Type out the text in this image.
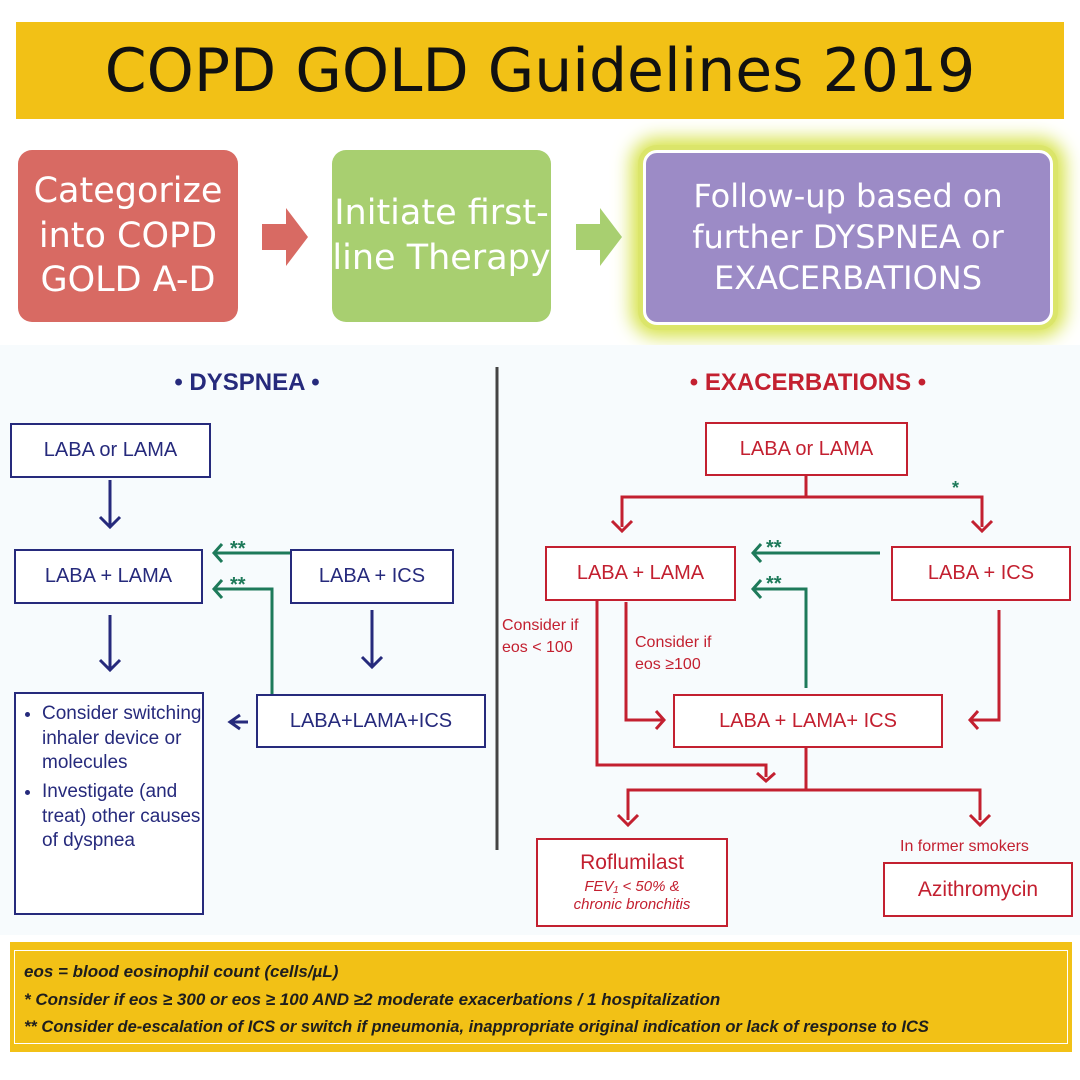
COPD GOLD Guidelines 2019
Categorize into COPD GOLD A-D
Initiate first-line Therapy
Follow-up based on further DYSPNEA or EXACERBATIONS
• DYSPNEA •
LABA or LAMA
LABA + LAMA	LABA + ICS
LABA+LAMA+ICS
**
**
• Consider switching inhaler device or molecules
• Investigate (and treat) other causes of dyspnea
• EXACERBATIONS •
LABA or LAMA
*
LABA + LAMA	LABA + ICS
**
**
Consider if
eos < 100	Consider if
eos ≥100
LABA + LAMA+ ICS
Roflumilast
FEV₁ < 50% &
chronic bronchitis
In former smokers
Azithromycin
eos = blood eosinophil count (cells/µL)
* Consider if eos ≥ 300 or eos ≥ 100 AND ≥2 moderate exacerbations / 1 hospitalization
** Consider de-escalation of ICS or switch if pneumonia, inappropriate original indication or lack of response to ICS
